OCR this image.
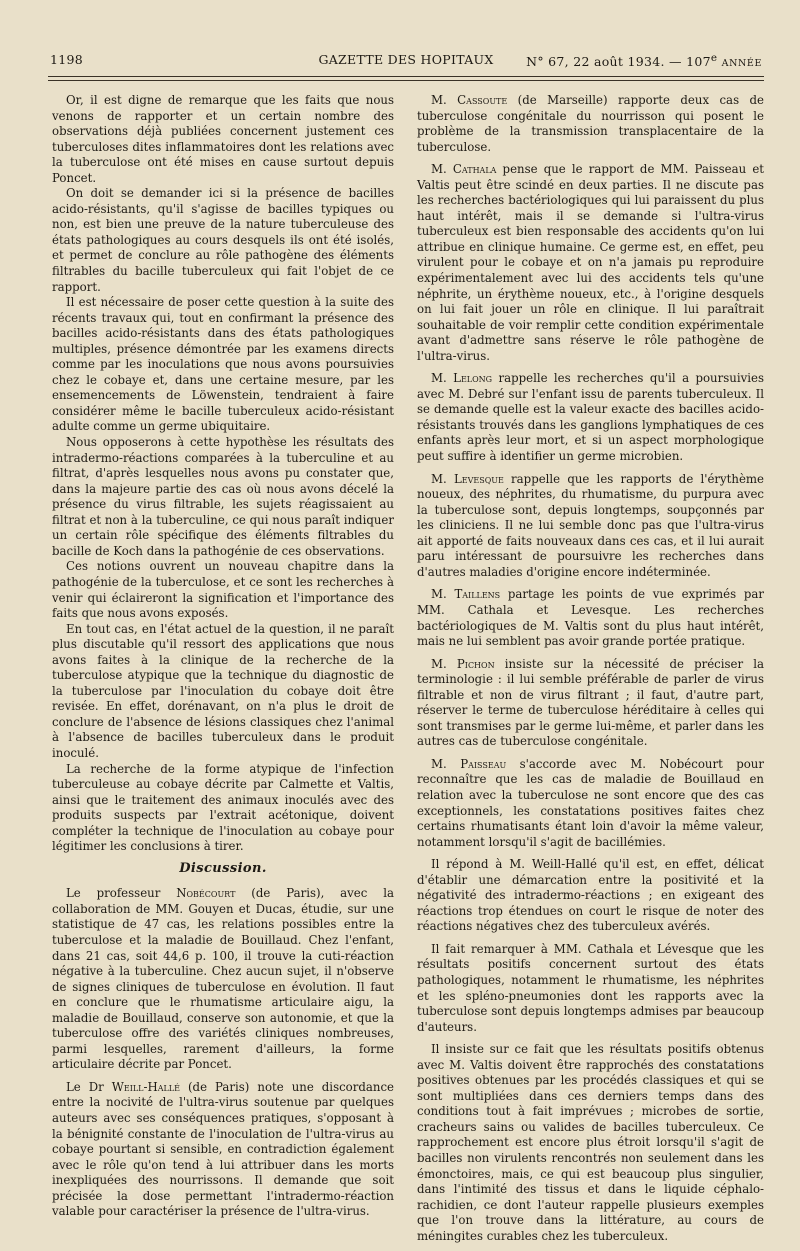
1198	GAZETTE DES HOPITAUX	N° 67, 22 août 1934. — 107e ANNÉE

Or, il est digne de remarque que les faits que nous venons de rapporter et un certain nombre des observations déjà publiées concernent justement ces tuberculoses dites inflammatoires dont les relations avec la tuberculose ont été mises en cause surtout depuis Poncet.

On doit se demander ici si la présence de bacilles acido-résistants, qu'il s'agisse de bacilles typiques ou non, est bien une preuve de la nature tuberculeuse des états pathologiques au cours desquels ils ont été isolés, et permet de conclure au rôle pathogène des éléments filtrables du bacille tuberculeux qui fait l'objet de ce rapport.

Il est nécessaire de poser cette question à la suite des récents travaux qui, tout en confirmant la présence des bacilles acido-résistants dans des états pathologiques multiples, présence démontrée par les examens directs comme par les inoculations que nous avons poursuivies chez le cobaye et, dans une certaine mesure, par les ensemencements de Löwenstein, tendraient à faire considérer même le bacille tuberculeux acido-résistant adulte comme un germe ubiquitaire.

Nous opposerons à cette hypothèse les résultats des intradermo-réactions comparées à la tuberculine et au filtrat, d'après lesquelles nous avons pu constater que, dans la majeure partie des cas où nous avons décelé la présence du virus filtrable, les sujets réagissaient au filtrat et non à la tuberculine, ce qui nous paraît indiquer un certain rôle spécifique des éléments filtrables du bacille de Koch dans la pathogénie de ces observations.

Ces notions ouvrent un nouveau chapitre dans la pathogénie de la tuberculose, et ce sont les recherches à venir qui éclaireront la signification et l'importance des faits que nous avons exposés.

En tout cas, en l'état actuel de la question, il ne paraît plus discutable qu'il ressort des applications que nous avons faites à la clinique de la recherche de la tuberculose atypique que la technique du diagnostic de la tuberculose par l'inoculation du cobaye doit être revisée. En effet, dorénavant, on n'a plus le droit de conclure de l'absence de lésions classiques chez l'animal à l'absence de bacilles tuberculeux dans le produit inoculé.

La recherche de la forme atypique de l'infection tuberculeuse au cobaye décrite par Calmette et Valtis, ainsi que le traitement des animaux inoculés avec des produits suspects par l'extrait acétonique, doivent compléter la technique de l'inoculation au cobaye pour légitimer les conclusions à tirer.

Discussion.

Le professeur Nobécourt (de Paris), avec la collaboration de MM. Gouyen et Ducas, étudie, sur une statistique de 47 cas, les relations possibles entre la tuberculose et la maladie de Bouillaud. Chez l'enfant, dans 21 cas, soit 44,6 p. 100, il trouve la cuti-réaction négative à la tuberculine. Chez aucun sujet, il n'observe de signes cliniques de tuberculose en évolution. Il faut en conclure que le rhumatisme articulaire aigu, la maladie de Bouillaud, conserve son autonomie, et que la tuberculose offre des variétés cliniques nombreuses, parmi lesquelles, rarement d'ailleurs, la forme articulaire décrite par Poncet.

Le Dr Weill-Hallé (de Paris) note une discordance entre la nocivité de l'ultra-virus soutenue par quelques auteurs avec ses conséquences pratiques, s'opposant à la bénignité constante de l'inoculation de l'ultra-virus au cobaye pourtant si sensible, en contradiction également avec le rôle qu'on tend à lui attribuer dans les morts inexpliquées des nourrissons. Il demande que soit précisée la dose permettant l'intradermo-réaction valable pour caractériser la présence de l'ultra-virus.

M. Cassoute (de Marseille) rapporte deux cas de tuberculose congénitale du nourrisson qui posent le problème de la transmission transplacentaire de la tuberculose.

M. Cathala pense que le rapport de MM. Paisseau et Valtis peut être scindé en deux parties. Il ne discute pas les recherches bactériologiques qui lui paraissent du plus haut intérêt, mais il se demande si l'ultra-virus tuberculeux est bien responsable des accidents qu'on lui attribue en clinique humaine. Ce germe est, en effet, peu virulent pour le cobaye et on n'a jamais pu reproduire expérimentalement avec lui des accidents tels qu'une néphrite, un érythème noueux, etc., à l'origine desquels on lui fait jouer un rôle en clinique. Il lui paraîtrait souhaitable de voir remplir cette condition expérimentale avant d'admettre sans réserve le rôle pathogène de l'ultra-virus.

M. Lelong rappelle les recherches qu'il a poursuivies avec M. Debré sur l'enfant issu de parents tuberculeux. Il se demande quelle est la valeur exacte des bacilles acido-résistants trouvés dans les ganglions lymphatiques de ces enfants après leur mort, et si un aspect morphologique peut suffire à identifier un germe microbien.

M. Levesque rappelle que les rapports de l'érythème noueux, des néphrites, du rhumatisme, du purpura avec la tuberculose sont, depuis longtemps, soupçonnés par les cliniciens. Il ne lui semble donc pas que l'ultra-virus ait apporté de faits nouveaux dans ces cas, et il lui aurait paru intéressant de poursuivre les recherches dans d'autres maladies d'origine encore indéterminée.

M. Taillens partage les points de vue exprimés par MM. Cathala et Levesque. Les recherches bactériologiques de M. Valtis sont du plus haut intérêt, mais ne lui semblent pas avoir grande portée pratique.

M. Pichon insiste sur la nécessité de préciser la terminologie : il lui semble préférable de parler de virus filtrable et non de virus filtrant ; il faut, d'autre part, réserver le terme de tuberculose héréditaire à celles qui sont transmises par le germe lui-même, et parler dans les autres cas de tuberculose congénitale.

M. Paisseau s'accorde avec M. Nobécourt pour reconnaître que les cas de maladie de Bouillaud en relation avec la tuberculose ne sont encore que des cas exceptionnels, les constatations positives faites chez certains rhumatisants étant loin d'avoir la même valeur, notamment lorsqu'il s'agit de bacillémies.

Il répond à M. Weill-Hallé qu'il est, en effet, délicat d'établir une démarcation entre la positivité et la négativité des intradermo-réactions ; en exigeant des réactions trop étendues on court le risque de noter des réactions négatives chez des tuberculeux avérés.

Il fait remarquer à MM. Cathala et Lévesque que les résultats positifs concernent surtout des états pathologiques, notamment le rhumatisme, les néphrites et les spléno-pneumonies dont les rapports avec la tuberculose sont depuis longtemps admises par beaucoup d'auteurs.

Il insiste sur ce fait que les résultats positifs obtenus avec M. Valtis doivent être rapprochés des constatations positives obtenues par les procédés classiques et qui se sont multipliées dans ces derniers temps dans des conditions tout à fait imprévues ; microbes de sortie, cracheurs sains ou valides de bacilles tuberculeux. Ce rapprochement est encore plus étroit lorsqu'il s'agit de bacilles non virulents rencontrés non seulement dans les émonctoires, mais, ce qui est beaucoup plus singulier, dans l'intimité des tissus et dans le liquide céphalo-rachidien, ce dont l'auteur rappelle plusieurs exemples que l'on trouve dans la littérature, au cours de méningites curables chez les tuberculeux.
